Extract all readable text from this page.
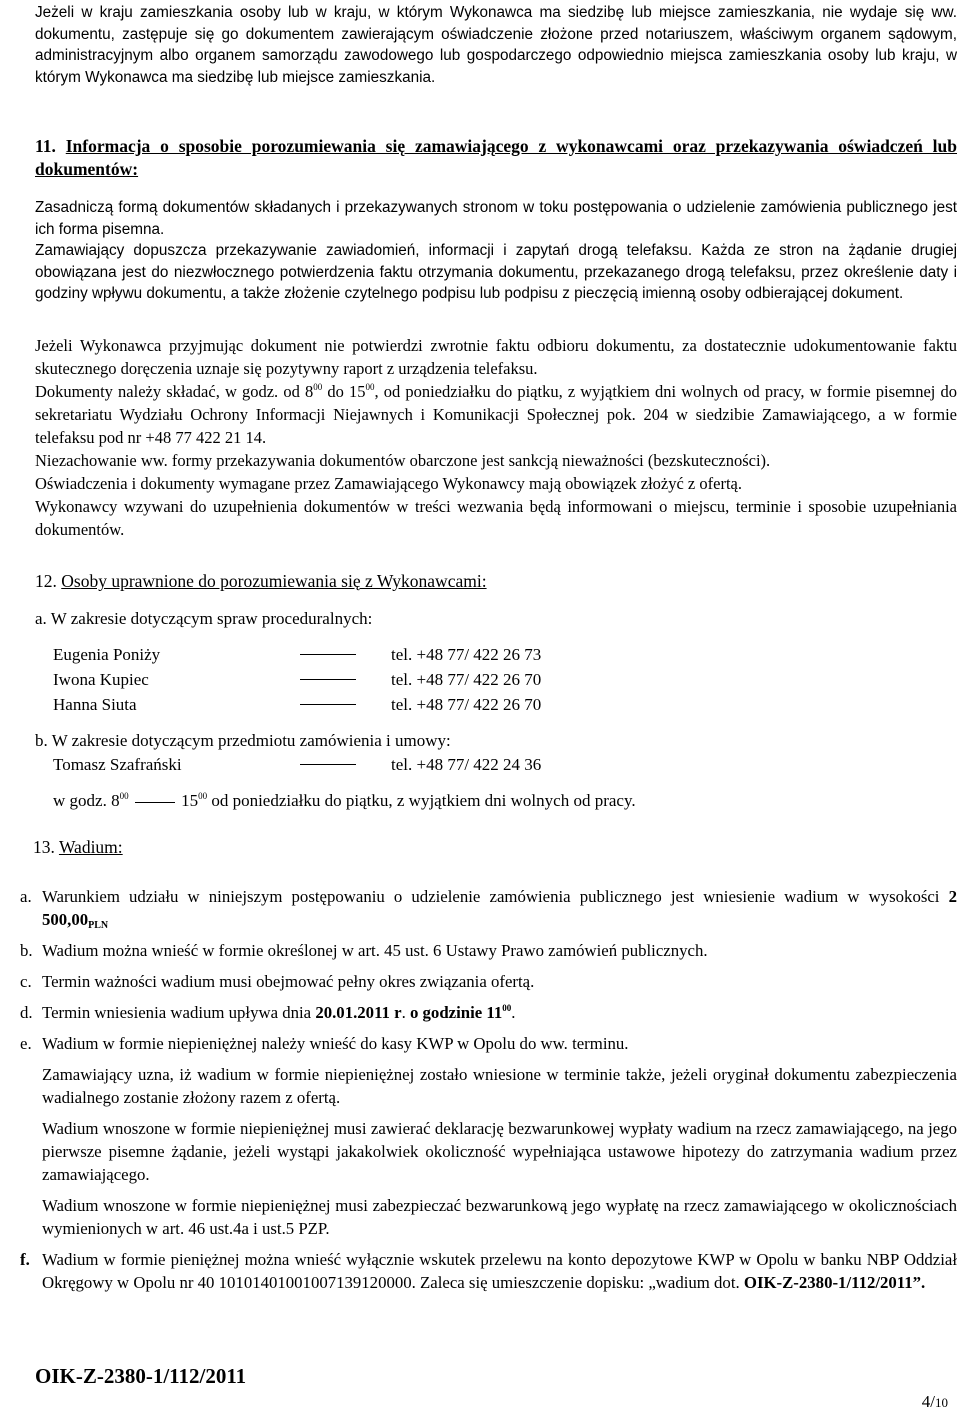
Jeżeli w kraju zamieszkania osoby lub w kraju, w którym Wykonawca ma siedzibę lub miejsce zamieszkania, nie wydaje się ww. dokumentu, zastępuje się go dokumentem zawierającym oświadczenie złożone przed notariuszem, właściwym organem sądowym, administracyjnym albo organem samorządu zawodowego lub gospodarczego odpowiednio miejsca zamieszkania osoby lub kraju, w którym Wykonawca ma siedzibę lub miejsce zamieszkania.

11. Informacja o sposobie porozumiewania się zamawiającego z wykonawcami oraz przekazywania oświadczeń lub dokumentów:

Zasadniczą formą dokumentów składanych i przekazywanych stronom w toku postępowania o udzielenie zamówienia publicznego jest ich forma pisemna.

Zamawiający dopuszcza przekazywanie zawiadomień, informacji i zapytań drogą telefaksu. Każda ze stron na żądanie drugiej obowiązana jest do niezwłocznego potwierdzenia faktu otrzymania dokumentu, przekazanego drogą telefaksu, przez określenie daty i godziny wpływu dokumentu, a także złożenie czytelnego podpisu lub podpisu z pieczęcią imienną osoby odbierającej dokument.

Jeżeli Wykonawca przyjmując dokument nie potwierdzi zwrotnie faktu odbioru dokumentu, za dostatecznie udokumentowanie faktu skutecznego doręczenia uznaje się pozytywny raport z urządzenia telefaksu.

Dokumenty należy składać, w godz. od $8^{00}$ do $15^{00}$, od poniedziałku do piątku, z wyjątkiem dni wolnych od pracy, w formie pisemnej do sekretariatu Wydziału Ochrony Informacji Niejawnych i Komunikacji Społecznej pok. 204 w siedzibie Zamawiającego, a w formie telefaksu pod nr +48 77 422 21 14.

Niezachowanie ww. formy przekazywania dokumentów obarczone jest sankcją nieważności (bezskuteczności).

Oświadczenia i dokumenty wymagane przez Zamawiającego Wykonawcy mają obowiązek złożyć z ofertą.

Wykonawcy wzywani do uzupełnienia dokumentów w treści wezwania będą informowani o miejscu, terminie i sposobie uzupełniania dokumentów.

12. Osoby uprawnione do porozumiewania się z Wykonawcami:

a. W zakresie dotyczącym spraw proceduralnych:

Eugenia Poniży	tel. +48 77/ 422 26 73
Iwona Kupiec	tel. +48 77/ 422 26 70
Hanna Siuta	tel. +48 77/ 422 26 70

b. W zakresie dotyczącym przedmiotu zamówienia i umowy:

Tomasz Szafrański	tel. +48 77/ 422 24 36

w godz. $8^{00}$	$15^{00}$ od poniedziałku do piątku, z wyjątkiem dni wolnych od pracy.

13. Wadium:

a. Warunkiem udziału w niniejszym postępowaniu o udzielenie zamówienia publicznego jest wniesienie wadium w wysokości 2 $500,00_{PLN}$

b. Wadium można wnieść w formie określonej w art. 45 ust. 6 Ustawy Prawo zamówień publicznych.

c. Termin ważności wadium musi obejmować pełny okres związania ofertą.

d. Termin wniesienia wadium upływa dnia 20.01.2011 r. o godzinie $11^{00}$.

e. Wadium w formie niepieniężnej należy wnieść do kasy KWP w Opolu do ww. terminu.

Zamawiający uzna, iż wadium w formie niepieniężnej zostało wniesione w terminie także, jeżeli oryginał dokumentu zabezpieczenia wadialnego zostanie złożony razem z ofertą.

Wadium wnoszone w formie niepieniężnej musi zawierać deklarację bezwarunkowej wypłaty wadium na rzecz zamawiającego, na jego pierwsze pisemne żądanie, jeżeli wystąpi jakakolwiek okoliczność wypełniająca ustawowe hipotezy do zatrzymania wadium przez zamawiającego.

Wadium wnoszone w formie niepieniężnej musi zabezpieczać bezwarunkową jego wypłatę na rzecz zamawiającego w okolicznościach wymienionych w art. 46 ust.4a i ust.5 PZP.

f. Wadium w formie pieniężnej można wnieść wyłącznie wskutek przelewu na konto depozytowe KWP w Opolu w banku NBP Oddział Okręgowy w Opolu nr 40 10101401001007139120000. Zaleca się umieszczenie dopisku: „wadium dot. OIK-Z-2380-1/112/2011”.

OIK-Z-2380-1/112/2011
4/10
